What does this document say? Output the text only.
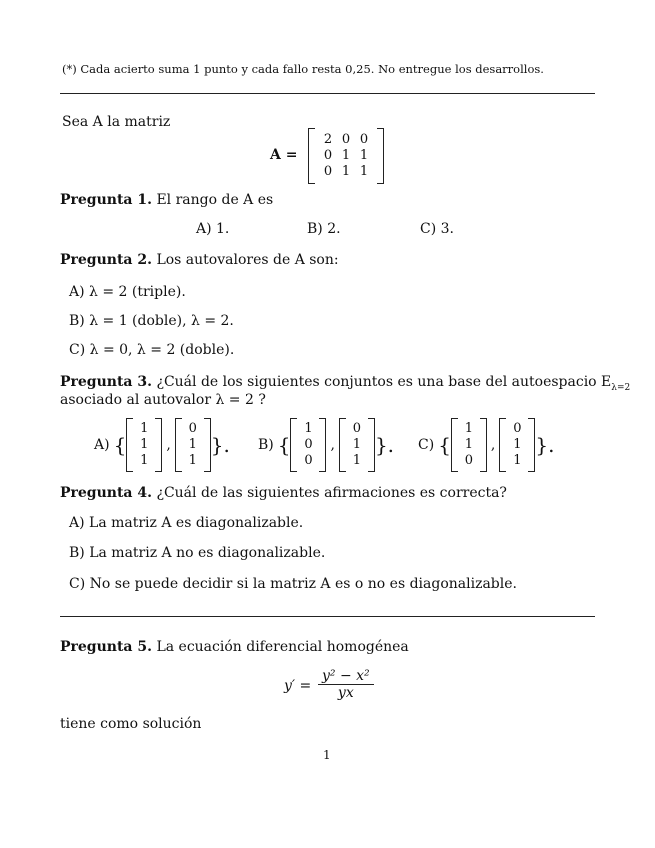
(*) Cada acierto suma 1 punto y cada fallo resta 0,25. No entregue los desarrollos.
Sea A la matriz
A =
2 0 0
0 1 1
0 1 1
Pregunta 1. El rango de A es
A) 1.	B) 2.	C) 3.
Pregunta 2. Los autovalores de A son:
A) λ = 2 (triple).
B) λ = 1 (doble), λ = 2.
C) λ = 0, λ = 2 (doble).
Pregunta 3. ¿Cuál de los siguientes conjuntos es una base del autoespacio $E_{\lambda=2}$
asociado al autovalor λ = 2 ?
A) {
1
1
1
,
0
1
1
}. B) {
1
0
0
,
0
1
1
}. C) {
1
1
0
,
0
1
1
}.
Pregunta 4. ¿Cuál de las siguientes afirmaciones es correcta?
A) La matriz A es diagonalizable.
B) La matriz A no es diagonalizable.
C) No se puede decidir si la matriz A es o no es diagonalizable.
Pregunta 5. La ecuación diferencial homogénea
$y' = \frac{\text{y² − x²}}{yx}$
tiene como solución
1
